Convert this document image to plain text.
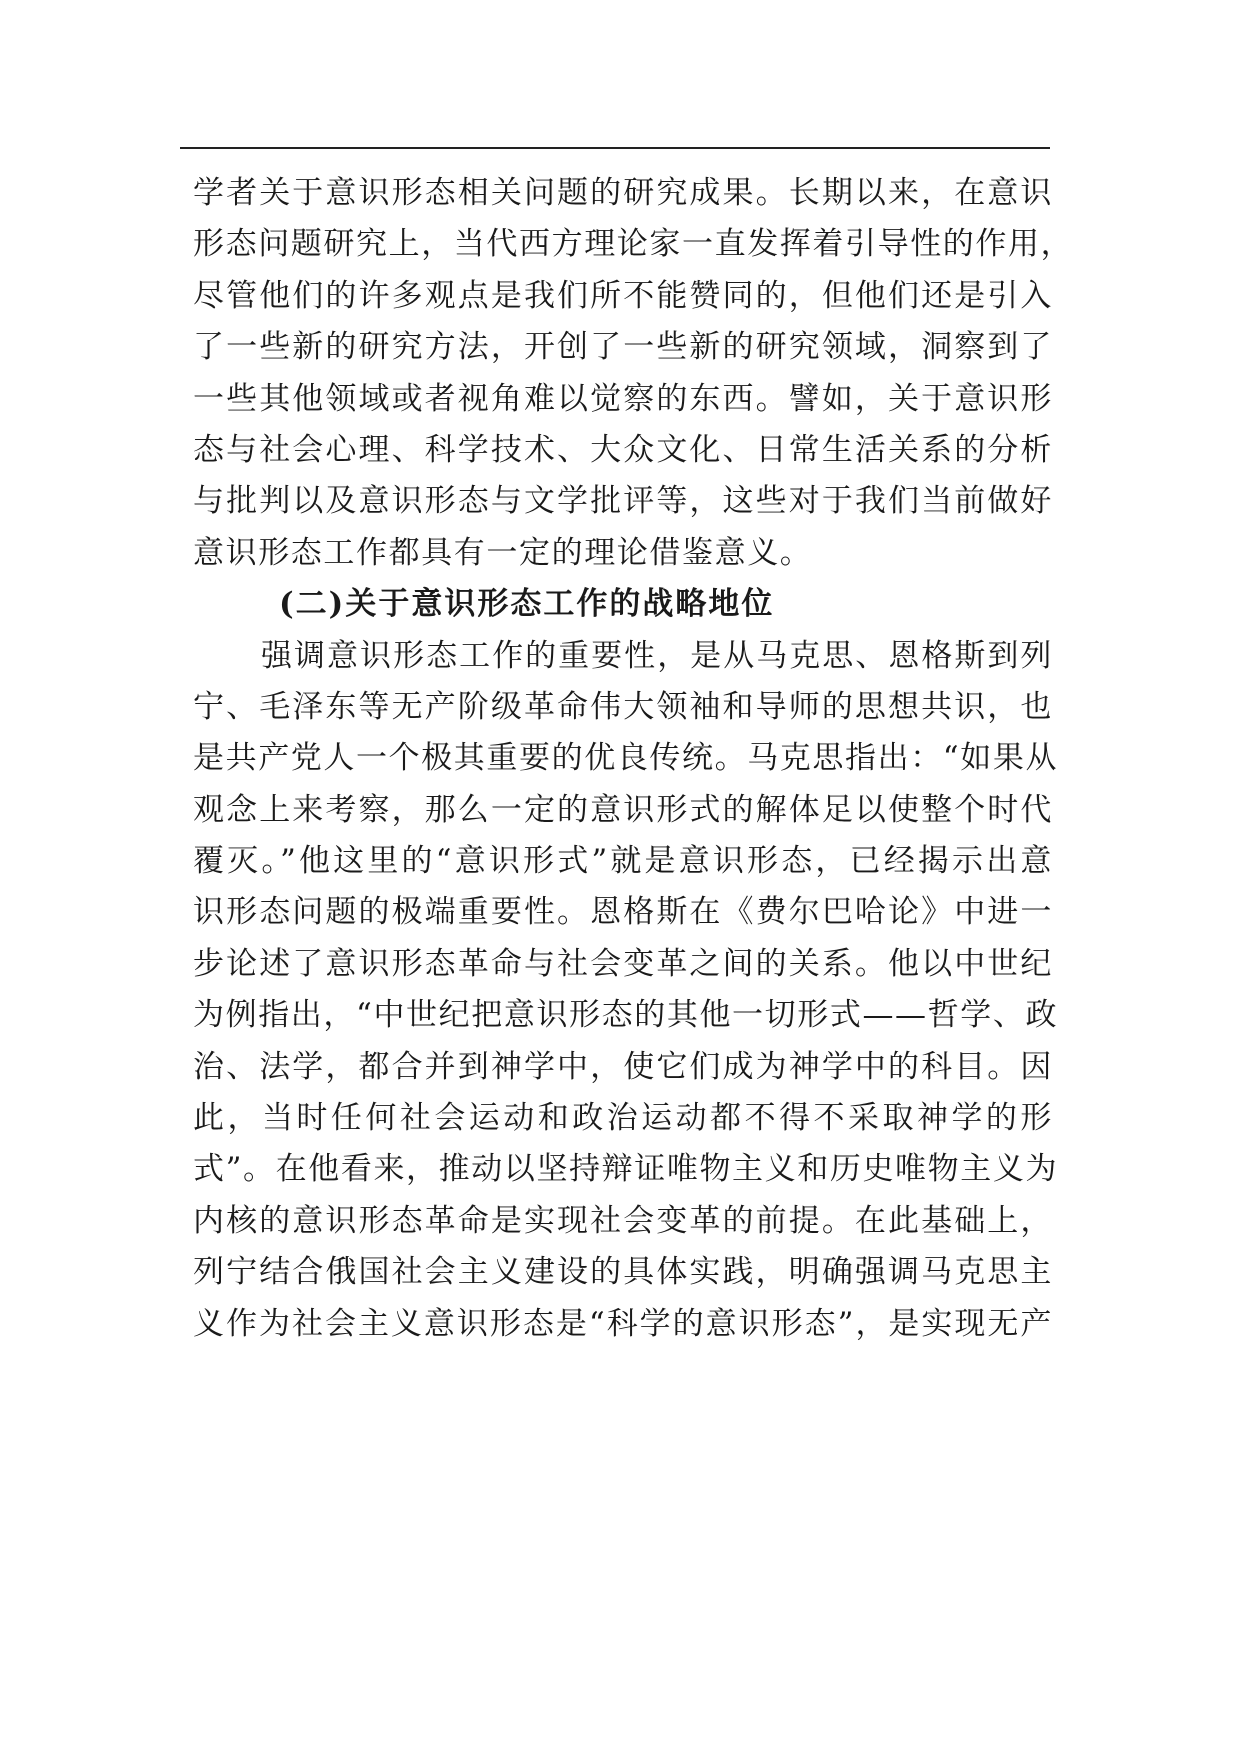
学者关于意识形态相关问题的研究成果。长期以来，在意识
形态问题研究上，当代西方理论家一直发挥着引导性的作用，
尽管他们的许多观点是我们所不能赞同的，但他们还是引入
了一些新的研究方法，开创了一些新的研究领域，洞察到了
一些其他领域或者视角难以觉察的东西。譬如，关于意识形
态与社会心理、科学技术、大众文化、日常生活关系的分析
与批判以及意识形态与文学批评等，这些对于我们当前做好
意识形态工作都具有一定的理论借鉴意义。
(二)关于意识形态工作的战略地位
强调意识形态工作的重要性，是从马克思、恩格斯到列
宁、毛泽东等无产阶级革命伟大领袖和导师的思想共识，也
是共产党人一个极其重要的优良传统。马克思指出：“如果从
观念上来考察，那么一定的意识形式的解体足以使整个时代
覆灭。”他这里的“意识形式”就是意识形态，已经揭示出意
识形态问题的极端重要性。恩格斯在《费尔巴哈论》中进一
步论述了意识形态革命与社会变革之间的关系。他以中世纪
为例指出，“中世纪把意识形态的其他一切形式——哲学、政
治、法学，都合并到神学中，使它们成为神学中的科目。因
此，当时任何社会运动和政治运动都不得不采取神学的形
式”。在他看来，推动以坚持辩证唯物主义和历史唯物主义为
内核的意识形态革命是实现社会变革的前提。在此基础上，
列宁结合俄国社会主义建设的具体实践，明确强调马克思主
义作为社会主义意识形态是“科学的意识形态”，是实现无产
